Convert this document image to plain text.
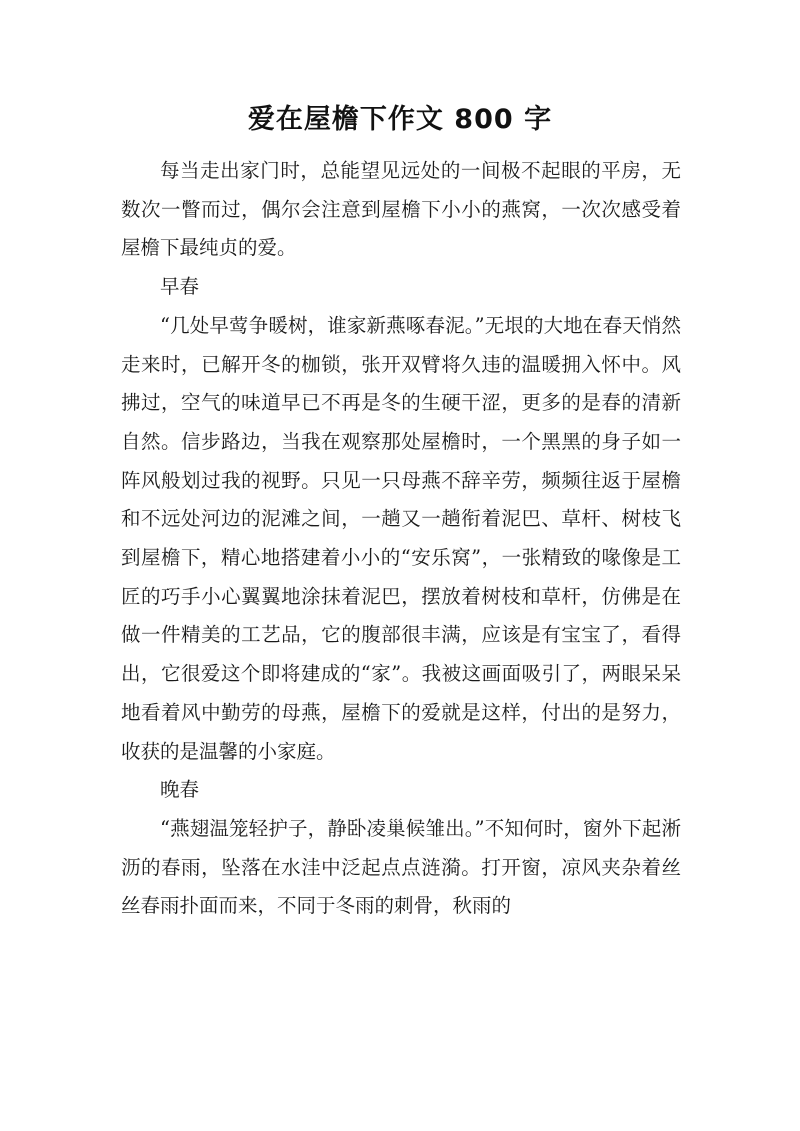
爱在屋檐下作文 800 字

每当走出家门时，总能望见远处的一间极不起眼的平房，无数次一瞥而过，偶尔会注意到屋檐下小小的燕窝，一次次感受着屋檐下最纯贞的爱。

早春

“几处早莺争暖树，谁家新燕啄春泥。”无垠的大地在春天悄然走来时，已解开冬的枷锁，张开双臂将久违的温暖拥入怀中。风拂过，空气的味道早已不再是冬的生硬干涩，更多的是春的清新自然。信步路边，当我在观察那处屋檐时，一个黑黑的身子如一阵风般划过我的视野。只见一只母燕不辞辛劳，频频往返于屋檐和不远处河边的泥滩之间，一趟又一趟衔着泥巴、草杆、树枝飞到屋檐下，精心地搭建着小小的“安乐窝”，一张精致的喙像是工匠的巧手小心翼翼地涂抹着泥巴，摆放着树枝和草杆，仿佛是在做一件精美的工艺品，它的腹部很丰满，应该是有宝宝了，看得出，它很爱这个即将建成的“家”。我被这画面吸引了，两眼呆呆地看着风中勤劳的母燕，屋檐下的爱就是这样，付出的是努力，收获的是温馨的小家庭。

晚春

“燕翅温笼轻护子，静卧凌巢候雏出。”不知何时，窗外下起淅沥的春雨，坠落在水洼中泛起点点涟漪。打开窗，凉风夹杂着丝丝春雨扑面而来，不同于冬雨的刺骨，秋雨的
